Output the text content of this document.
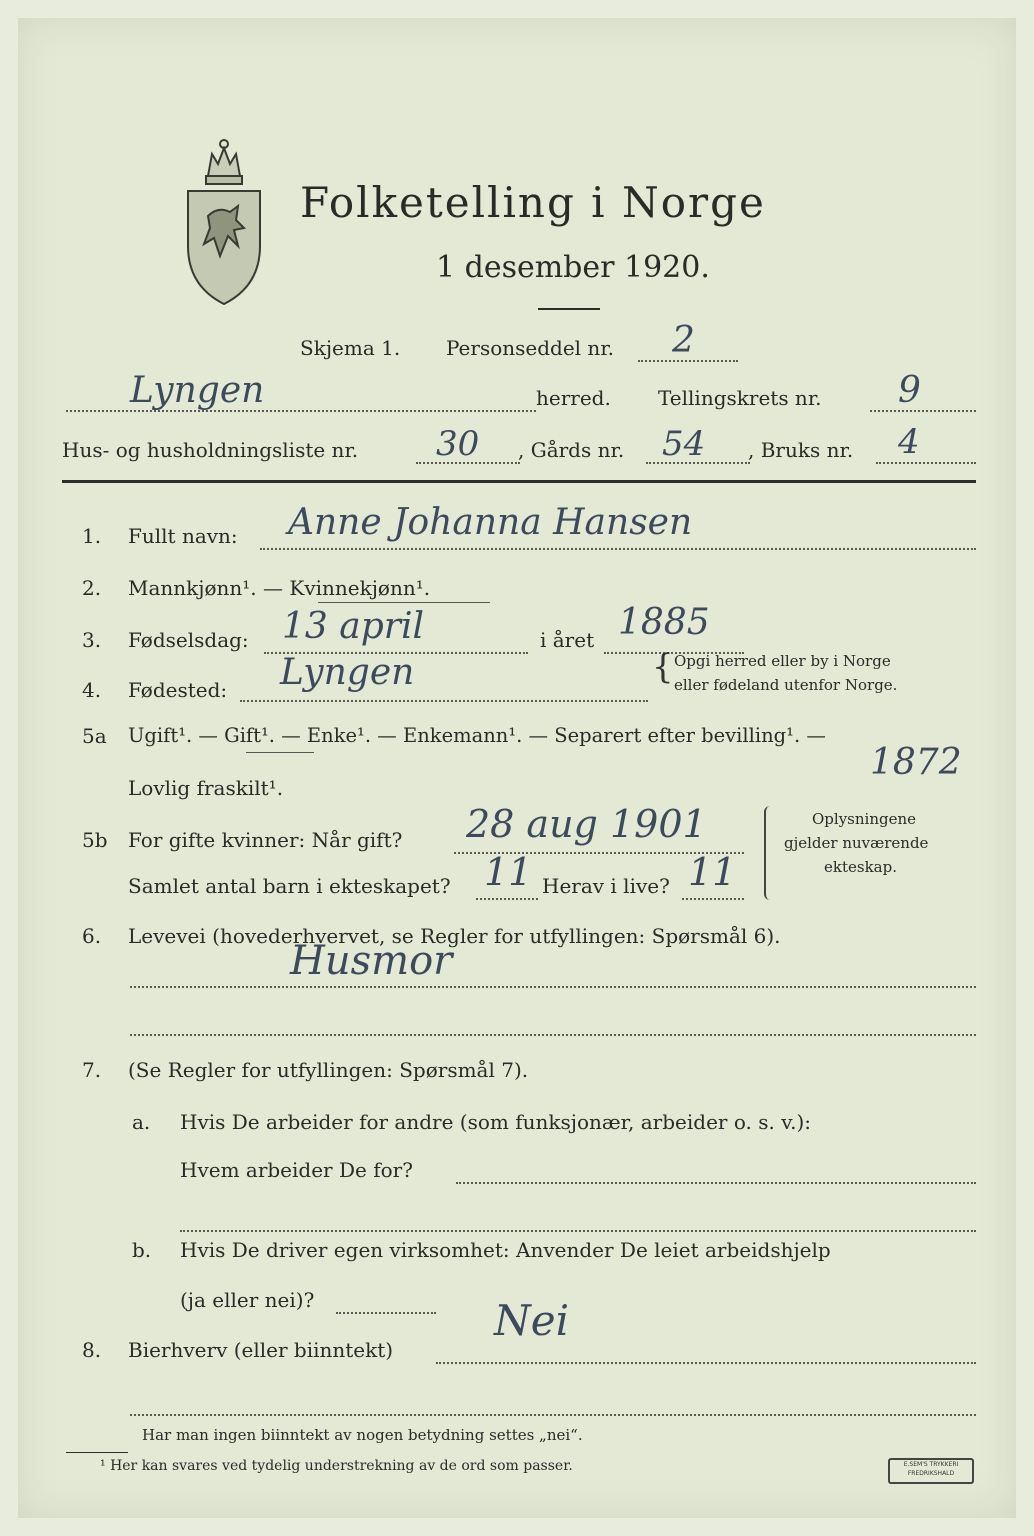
Folketelling i Norge
1 desember 1920.
Skjema 1. Personseddel nr. 2
Lyngen	herred. Tellingskrets nr. 9
Hus- og husholdningsliste nr. 30 , Gårds nr. 54 , Bruks nr. 4
1. Fullt navn: Anne Johanna Hansen
2. Mannkjønn¹. — Kvinnekjønn¹.
3. Fødselsdag: 13 april	i året 1885
4. Fødested: Lyngen	{ Opgi herred eller by i Norge
eller fødeland utenfor Norge.
5a Ugift¹. — Gift¹. — Enke¹. — Enkemann¹. — Separert efter bevilling¹. —
Lovlig fraskilt¹.
1872
5b For gifte kvinner: Når gift? 28 aug 1901
Samlet antal barn i ekteskapet? 11 Herav i live? 11
Oplysningene
gjelder nuværende
ekteskap.
6. Levevei (hovederhvervet, se Regler for utfyllingen: Spørsmål 6).
Husmor
7. (Se Regler for utfyllingen: Spørsmål 7).
a. Hvis De arbeider for andre (som funksjonær, arbeider o. s. v.):
Hvem arbeider De for?
b. Hvis De driver egen virksomhet: Anvender De leiet arbeidshjelp
(ja eller nei)?
8. Bierhverv (eller biinntekt)
Nei
Har man ingen biinntekt av nogen betydning settes „nei“.
¹ Her kan svares ved tydelig understrekning av de ord som passer.	E.SEM'S TRYKKERI FREDRIKSHALD
